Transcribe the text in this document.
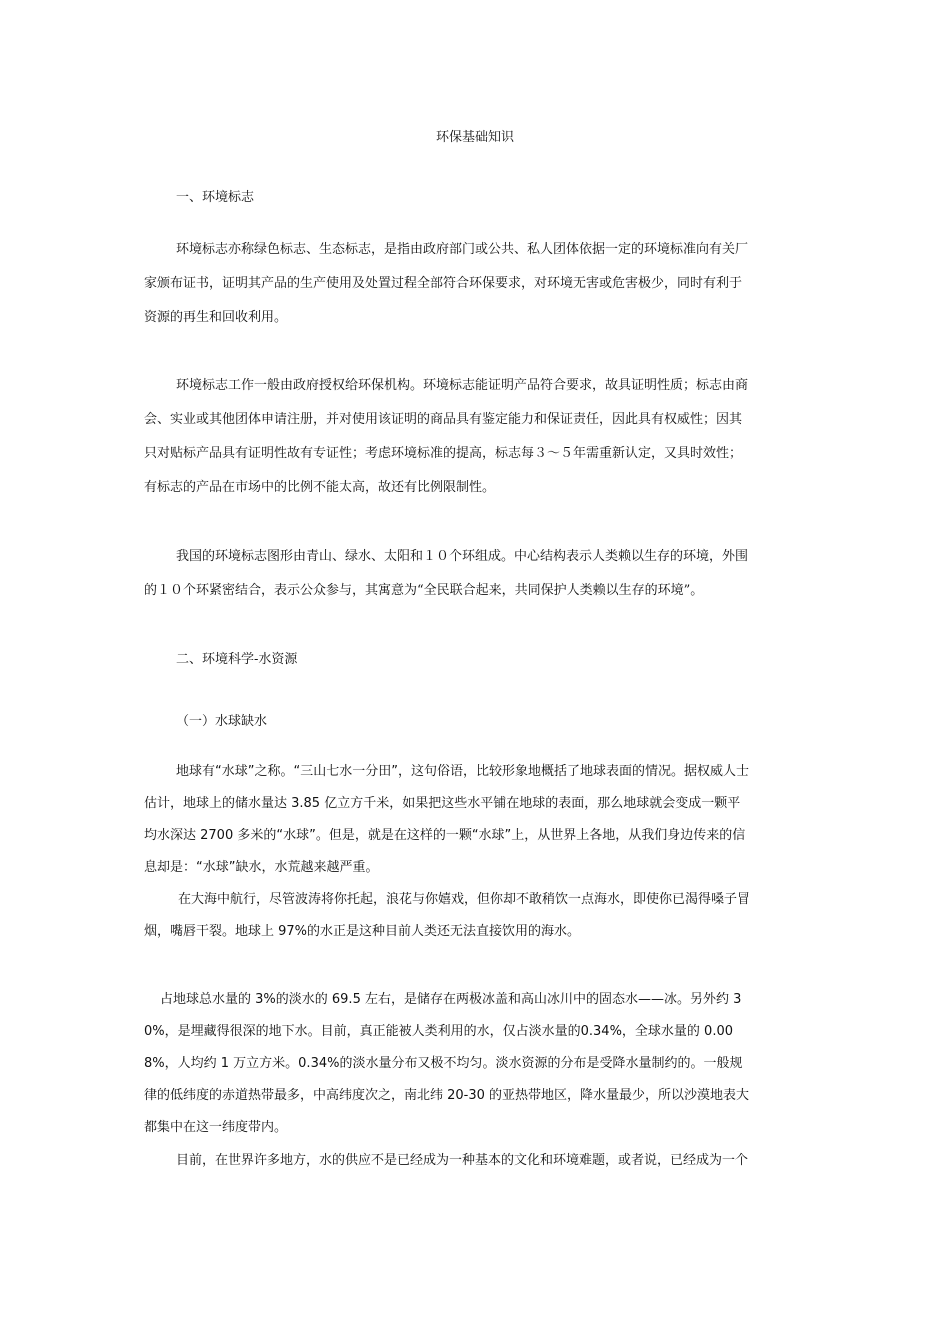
环保基础知识
一、环境标志
环境标志亦称绿色标志、生态标志，是指由政府部门或公共、私人团体依据一定的环境标准向有关厂
家颁布证书，证明其产品的生产使用及处置过程全部符合环保要求，对环境无害或危害极少，同时有利于
资源的再生和回收利用。
环境标志工作一般由政府授权给环保机构。环境标志能证明产品符合要求，故具证明性质；标志由商
会、实业或其他团体申请注册，并对使用该证明的商品具有鉴定能力和保证责任，因此具有权威性；因其
只对贴标产品具有证明性故有专证性；考虑环境标准的提高，标志每３～５年需重新认定，又具时效性；
有标志的产品在市场中的比例不能太高，故还有比例限制性。
我国的环境标志图形由青山、绿水、太阳和１０个环组成。中心结构表示人类赖以生存的环境，外围
的１０个环紧密结合，表示公众参与，其寓意为“全民联合起来，共同保护人类赖以生存的环境”。
二、环境科学-水资源
（一）水球缺水
地球有“水球”之称。“三山七水一分田”，这句俗语，比较形象地概括了地球表面的情况。据权威人士
估计，地球上的储水量达 3.85 亿立方千米，如果把这些水平铺在地球的表面，那么地球就会变成一颗平
均水深达 2700 多米的“水球”。但是，就是在这样的一颗“水球”上，从世界上各地，从我们身边传来的信
息却是：“水球”缺水，水荒越来越严重。
在大海中航行，尽管波涛将你托起，浪花与你嬉戏，但你却不敢稍饮一点海水，即使你已渴得嗓子冒
烟，嘴唇干裂。地球上 97%的水正是这种目前人类还无法直接饮用的海水。
占地球总水量的 3%的淡水的 69.5 左右，是储存在两极冰盖和高山冰川中的固态水——冰。另外约 3
0%，是埋藏得很深的地下水。目前，真正能被人类利用的水，仅占淡水量的0.34%，全球水量的 0.00
8%，人均约 1 万立方米。0.34%的淡水量分布又极不均匀。淡水资源的分布是受降水量制约的。一般规
律的低纬度的赤道热带最多，中高纬度次之，南北纬 20-30 的亚热带地区，降水量最少，所以沙漠地表大
都集中在这一纬度带内。
目前，在世界许多地方，水的供应不是已经成为一种基本的文化和环境难题，或者说，已经成为一个
